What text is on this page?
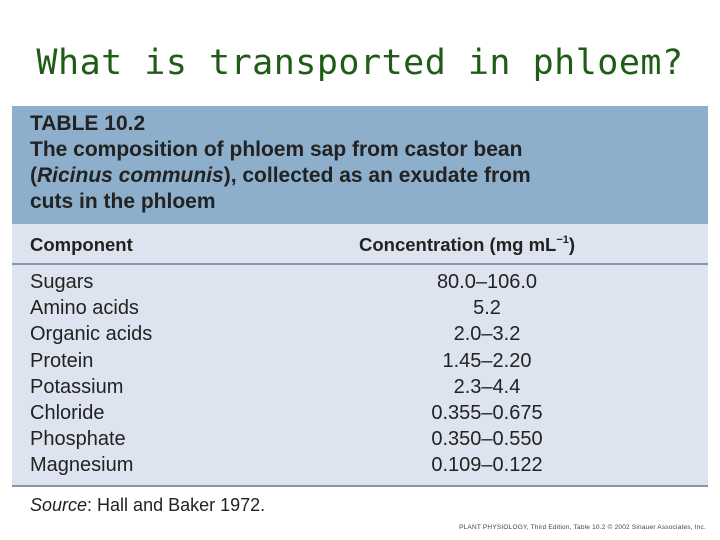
What is transported in phloem?
TABLE 10.2
The composition of phloem sap from castor bean
(Ricinus communis), collected as an exudate from
cuts in the phloem
Component	Concentration (mg $mL^{-1}$)
Sugars	80.0–106.0
Amino acids	5.2
Organic acids	2.0–3.2
Protein	1.45–2.20
Potassium	2.3–4.4
Chloride	0.355–0.675
Phosphate	0.350–0.550
Magnesium	0.109–0.122
Source: Hall and Baker 1972.
PLANT PHYSIOLOGY, Third Edition, Table 10.2 © 2002 Sinauer Associates, Inc.
